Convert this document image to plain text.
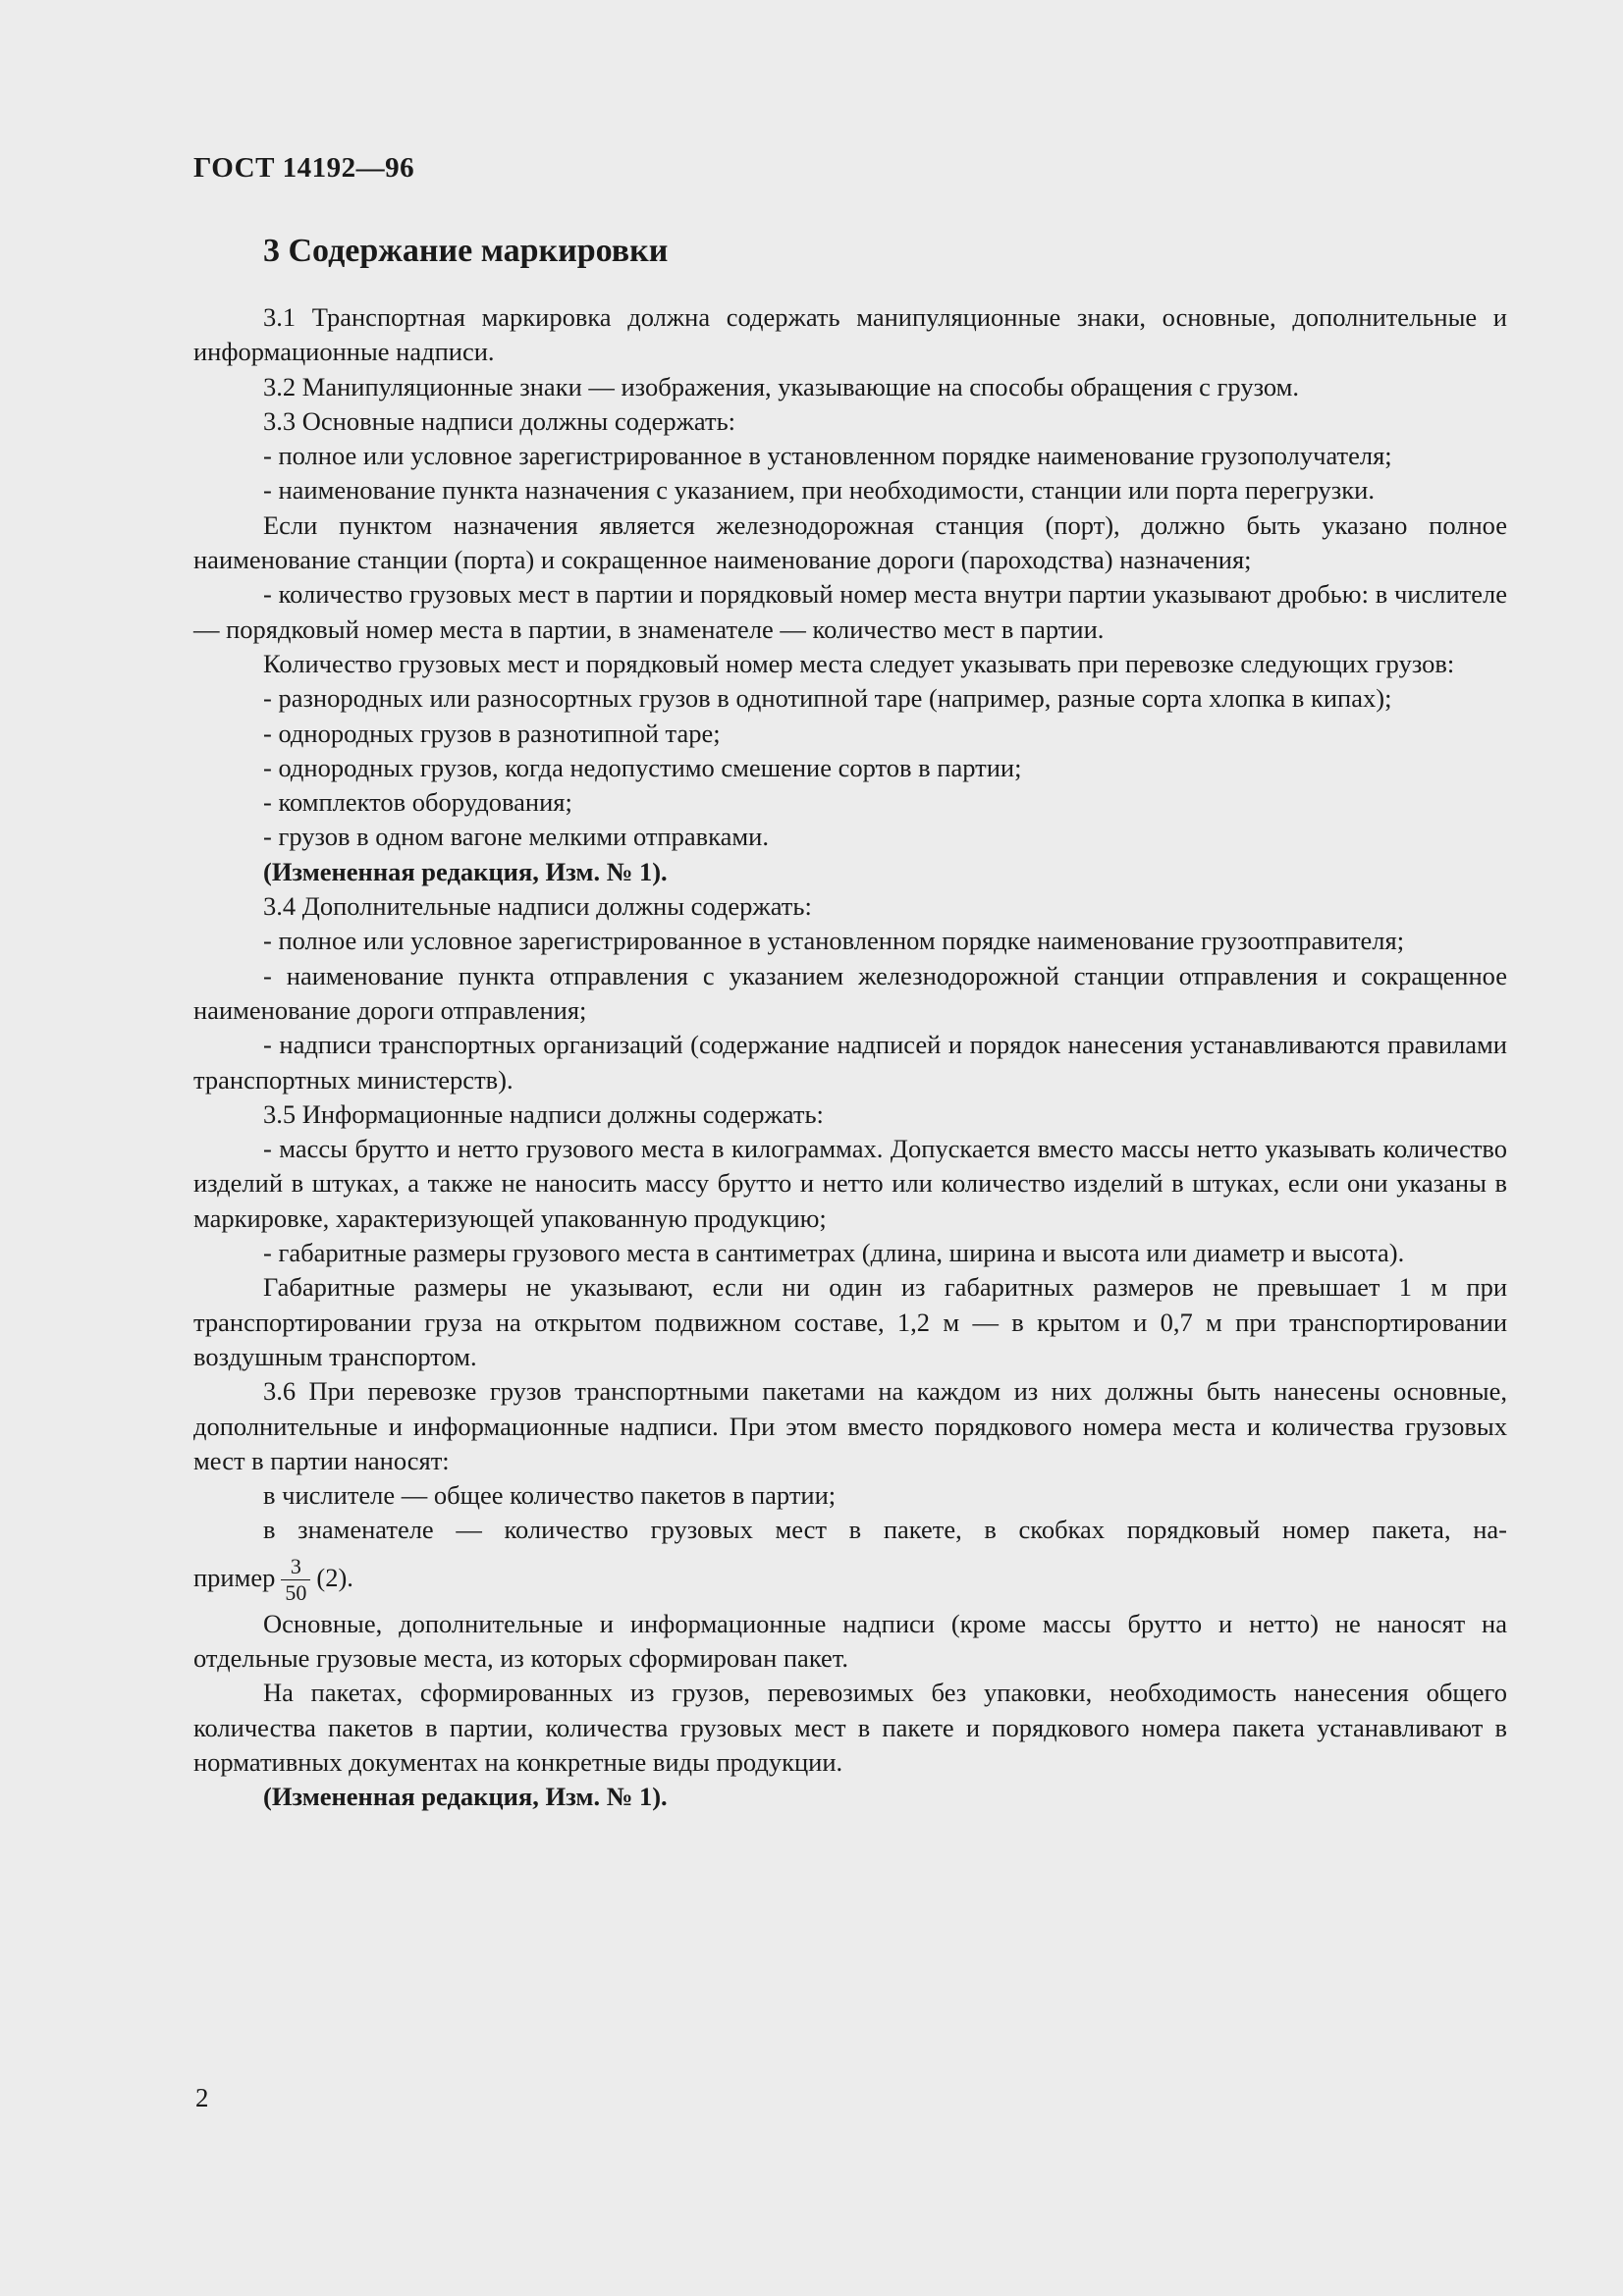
ГОСТ 14192—96
3 Содержание маркировки

3.1 Транспортная маркировка должна содержать манипуляционные знаки, основные, дополнительные и информационные надписи.

3.2 Манипуляционные знаки — изображения, указывающие на способы обращения с грузом.

3.3 Основные надписи должны содержать:

- полное или условное зарегистрированное в установленном порядке наименование грузополучателя;

- наименование пункта назначения с указанием, при необходимости, станции или порта перегрузки.

Если пунктом назначения является железнодорожная станция (порт), должно быть указано полное наименование станции (порта) и сокращенное наименование дороги (пароходства) назначения;

- количество грузовых мест в партии и порядковый номер места внутри партии указывают дробью: в числителе — порядковый номер места в партии, в знаменателе — количество мест в партии.

Количество грузовых мест и порядковый номер места следует указывать при перевозке следующих грузов:

- разнородных или разносортных грузов в однотипной таре (например, разные сорта хлопка в кипах);

- однородных грузов в разнотипной таре;

- однородных грузов, когда недопустимо смешение сортов в партии;

- комплектов оборудования;

- грузов в одном вагоне мелкими отправками.

(Измененная редакция, Изм. № 1).

3.4 Дополнительные надписи должны содержать:

- полное или условное зарегистрированное в установленном порядке наименование грузоотправителя;

- наименование пункта отправления с указанием железнодорожной станции отправления и сокращенное наименование дороги отправления;

- надписи транспортных организаций (содержание надписей и порядок нанесения устанавливаются правилами транспортных министерств).

3.5 Информационные надписи должны содержать:

- массы брутто и нетто грузового места в килограммах. Допускается вместо массы нетто указывать количество изделий в штуках, а также не наносить массу брутто и нетто или количество изделий в штуках, если они указаны в маркировке, характеризующей упакованную продукцию;

- габаритные размеры грузового места в сантиметрах (длина, ширина и высота или диаметр и высота).

Габаритные размеры не указывают, если ни один из габаритных размеров не превышает 1 м при транспортировании груза на открытом подвижном составе, 1,2 м — в крытом и 0,7 м при транспортировании воздушным транспортом.

3.6 При перевозке грузов транспортными пакетами на каждом из них должны быть нанесены основные, дополнительные и информационные надписи. При этом вместо порядкового номера места и количества грузовых мест в партии наносят:

в числителе — общее количество пакетов в партии;

в знаменателе — количество грузовых мест в пакете, в скобках порядковый номер пакета, на-

пример $\frac{3}{50} (2)$.

Основные, дополнительные и информационные надписи (кроме массы брутто и нетто) не наносят на отдельные грузовые места, из которых сформирован пакет.

На пакетах, сформированных из грузов, перевозимых без упаковки, необходимость нанесения общего количества пакетов в партии, количества грузовых мест в пакете и порядкового номера пакета устанавливают в нормативных документах на конкретные виды продукции.

(Измененная редакция, Изм. № 1).

2
